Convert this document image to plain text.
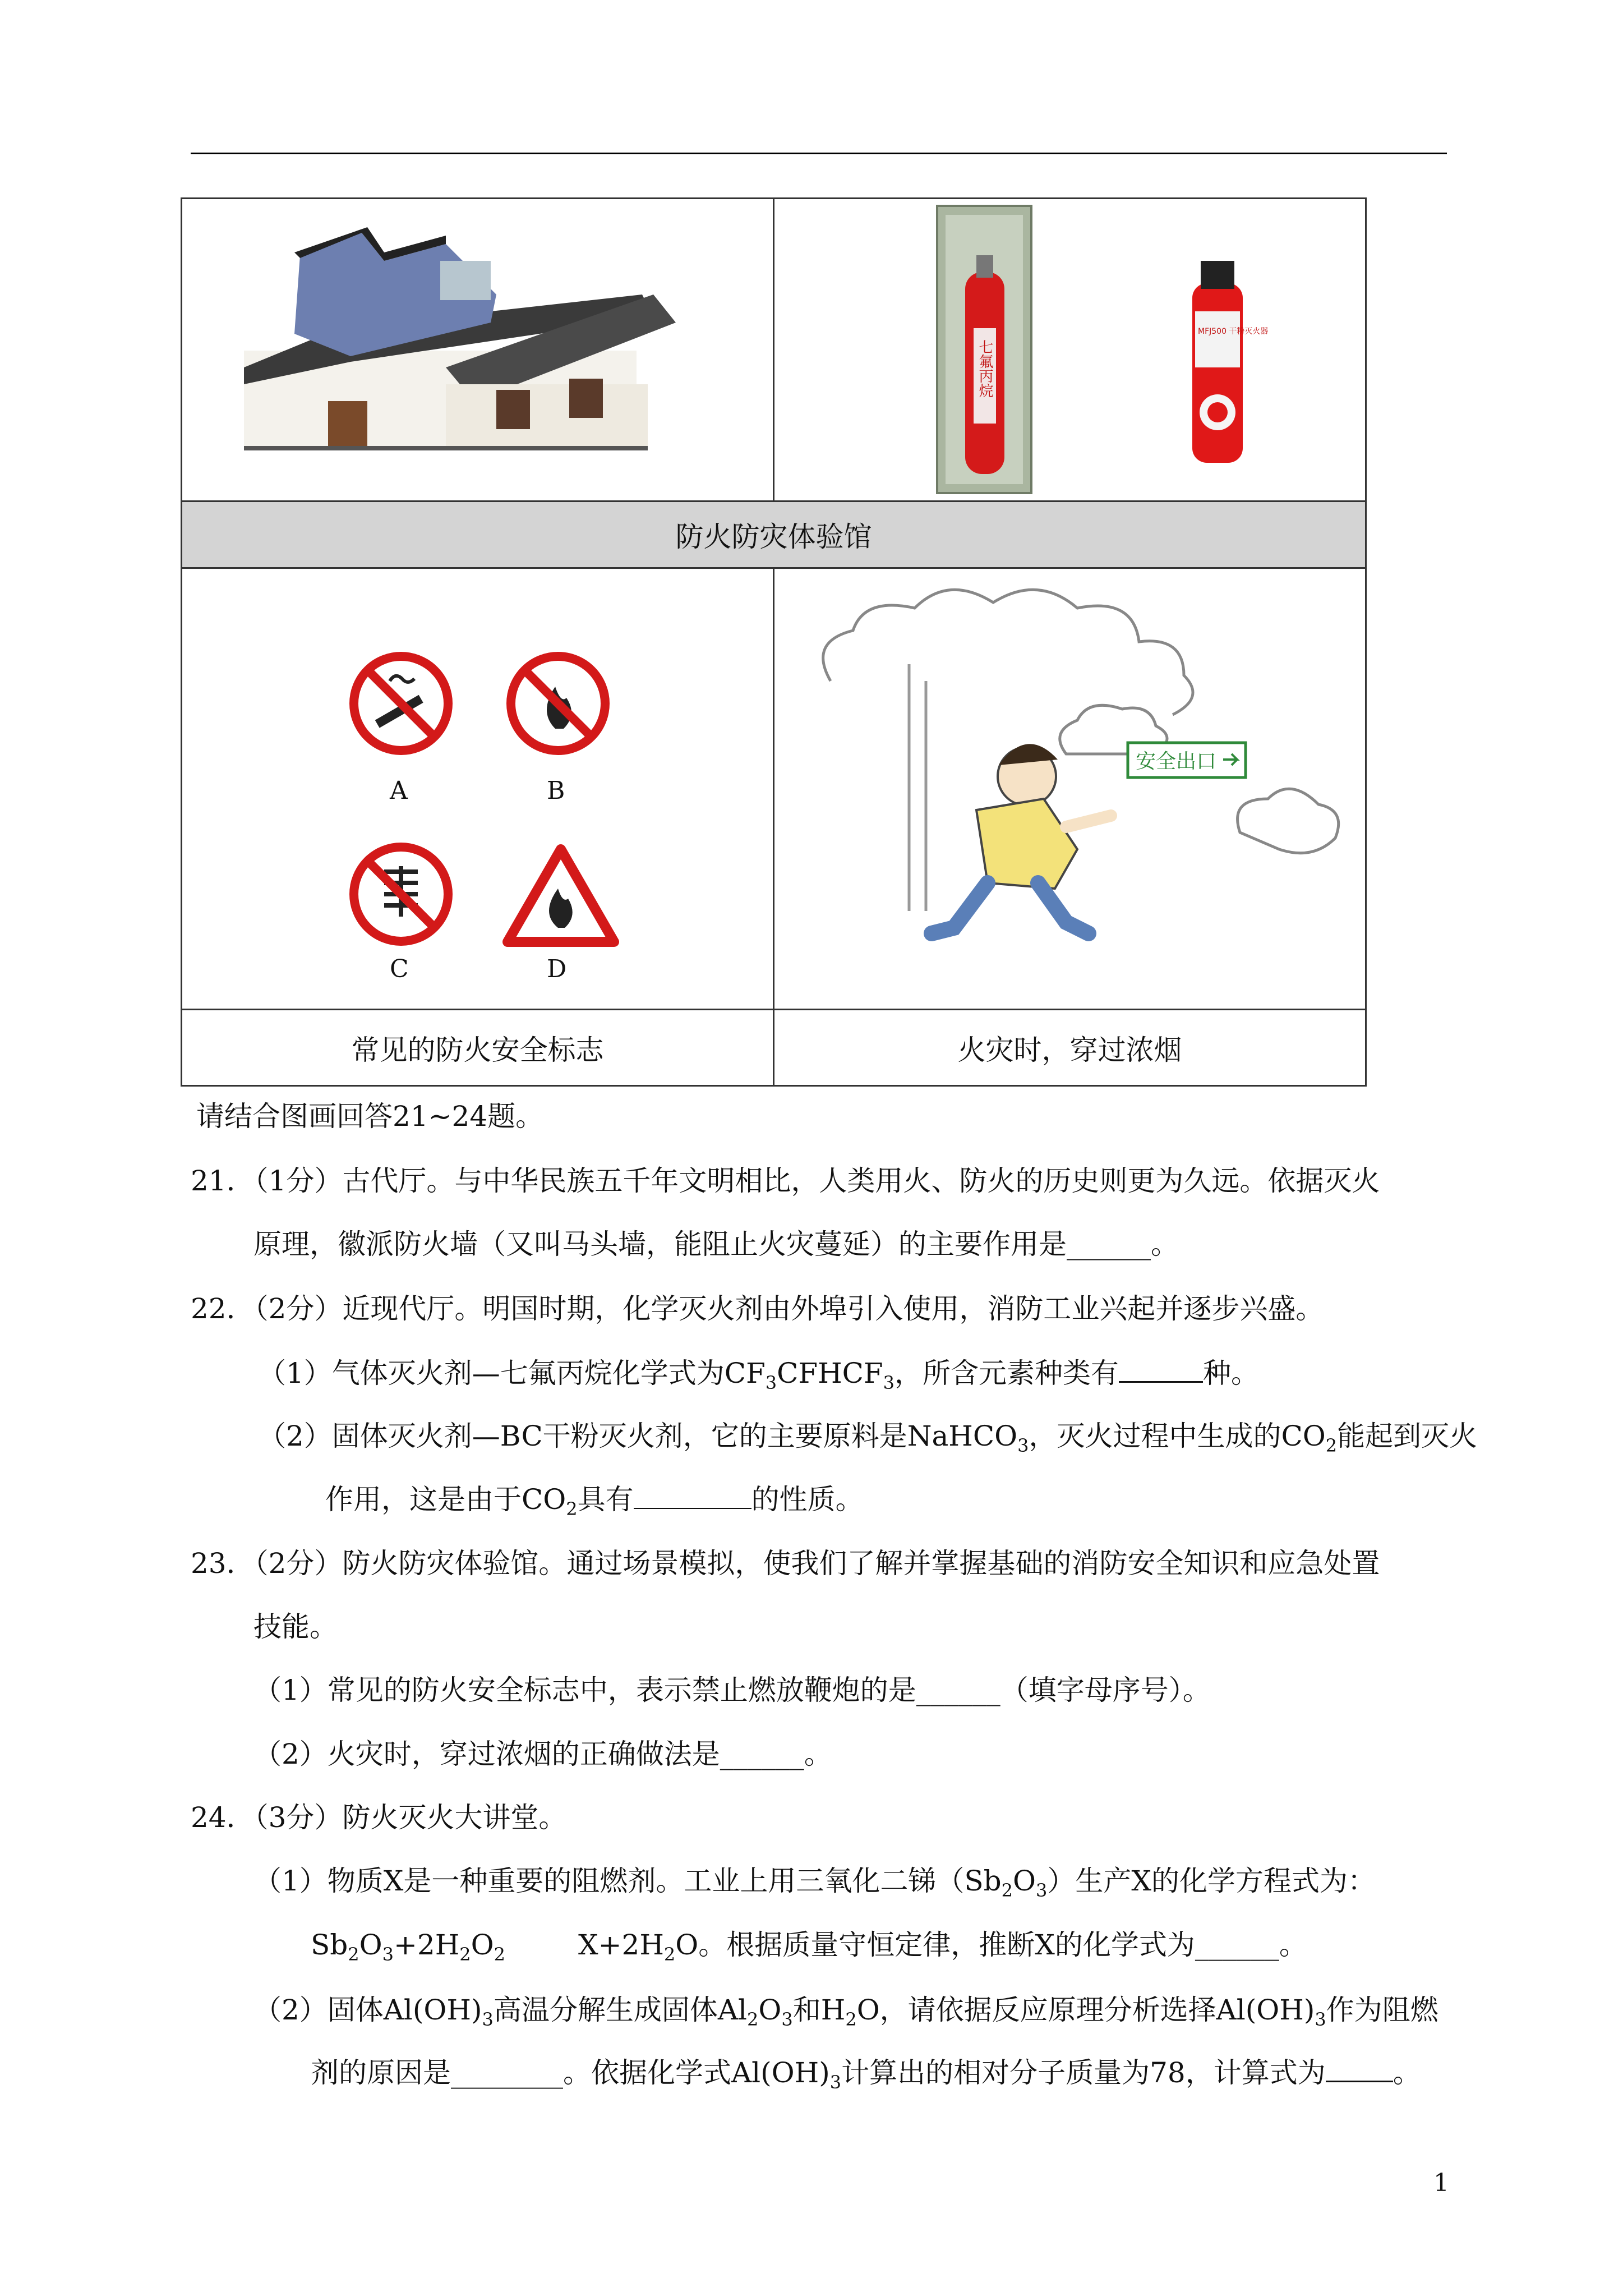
七氟丙烷
MFJ500 干粉灭火器

防火防灾体验馆	

A B
C D	安全出口

常见的防火安全标志	火灾时，穿过浓烟
请结合图画回答21~24题。
21．（1分）古代厅。与中华民族五千年文明相比，人类用火、防火的历史则更为久远。依据灭火
原理，徽派防火墙（又叫马头墙，能阻止火灾蔓延）的主要作用是______。
22．（2分）近现代厅。明国时期，化学灭火剂由外埠引入使用，消防工业兴起并逐步兴盛。
（1）气体灭火剂—七氟丙烷化学式为$CF_3CFHCF_3$，所含元素种类有	种。
（2）固体灭火剂—BC干粉灭火剂，它的主要原料是NaHCO$_3$，灭火过程中生成的$CO_2$能起到灭火
作用，这是由于$CO_2$具有	的性质。
23．（2分）防火防灾体验馆。通过场景模拟，使我们了解并掌握基础的消防安全知识和应急处置
技能。
（1）常见的防火安全标志中，表示禁止燃放鞭炮的是______（填字母序号）。
（2）火灾时，穿过浓烟的正确做法是______。
24．（3分）防火灭火大讲堂。
（1）物质X是一种重要的阻燃剂。工业上用三氧化二锑$(Sb_2O_3)$生产X的化学方程式为：
$Sb_2O_3+2H_2O_2$	$X+2H_2O$。根据质量守恒定律，推断X的化学式为______。
（2）固体$Al(OH)_3$高温分解生成固体$Al_2O_3$和$H_2O$，请依据反应原理分析选择$Al(OH)_3$作为阻燃
剂的原因是________。依据化学式$Al(OH)_3$计算出的相对分子质量为78，计算式为 。
1
